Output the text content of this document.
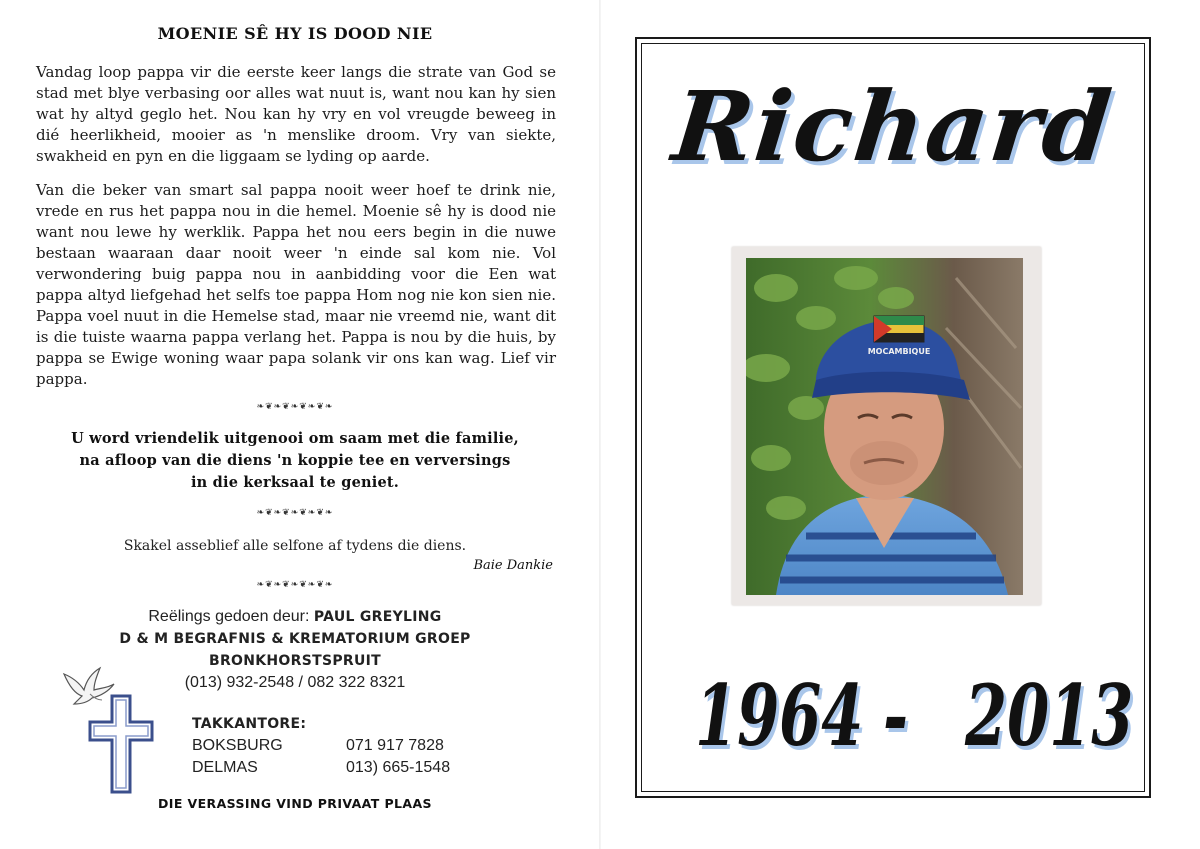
MOENIE SÊ HY IS DOOD NIE

Vandag loop pappa vir die eerste keer langs die strate van God se stad met blye verbasing oor alles wat nuut is, want nou kan hy sien wat hy altyd geglo het. Nou kan hy vry en vol vreugde beweeg in dié heerlikheid, mooier as 'n menslike droom. Vry van siekte, swakheid en pyn en die liggaam se lyding op aarde.

Van die beker van smart sal pappa nooit weer hoef te drink nie, vrede en rus het pappa nou in die hemel. Moenie sê hy is dood nie want nou lewe hy werklik. Pappa het nou eers begin in die nuwe bestaan waaraan daar nooit weer 'n einde sal kom nie. Vol verwondering buig pappa nou in aanbidding voor die Een wat pappa altyd liefgehad het selfs toe pappa Hom nog nie kon sien nie. Pappa voel nuut in die Hemelse stad, maar nie vreemd nie, want dit is die tuiste waarna pappa verlang het. Pappa is nou by die huis, by pappa se Ewige woning waar papa solank vir ons kan wag. Lief vir pappa.

❧❦❧❦❧❦❧❦❧
U word vriendelik uitgenooi om saam met die familie,
na afloop van die diens 'n koppie tee en verversings
in die kerksaal te geniet.
❧❦❧❦❧❦❧❦❧
Skakel asseblief alle selfone af tydens die diens.
Baie Dankie
❧❦❧❦❧❦❧❦❧
Reëlings gedoen deur: PAUL GREYLING
D & M BEGRAFNIS & KREMATORIUM GROEP
BRONKHORSTSPRUIT
(013) 932-2548 / 082 322 8321
TAKKANTORE:
BOKSBURG	071 917 7828
DELMAS	013) 665-1548
DIE VERASSING VIND PRIVAAT PLAAS
Richard
MOCAMBIQUE
1964 - 2013
